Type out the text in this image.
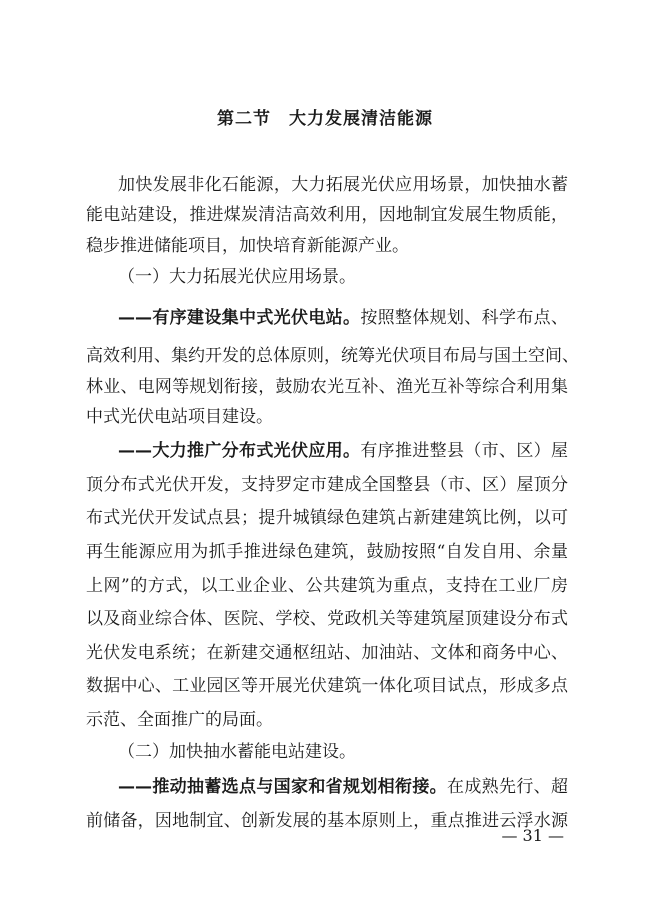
第二节　大力发展清洁能源
加快发展非化石能源，大力拓展光伏应用场景，加快抽水蓄
能电站建设，推进煤炭清洁高效利用，因地制宜发展生物质能，
稳步推进储能项目，加快培育新能源产业。
（一）大力拓展光伏应用场景。
——有序建设集中式光伏电站。按照整体规划、科学布点、
高效利用、集约开发的总体原则，统筹光伏项目布局与国土空间、
林业、电网等规划衔接，鼓励农光互补、渔光互补等综合利用集
中式光伏电站项目建设。
——大力推广分布式光伏应用。有序推进整县（市、区）屋
顶分布式光伏开发，支持罗定市建成全国整县（市、区）屋顶分
布式光伏开发试点县；提升城镇绿色建筑占新建建筑比例，以可
再生能源应用为抓手推进绿色建筑，鼓励按照“自发自用、余量
上网”的方式，以工业企业、公共建筑为重点，支持在工业厂房
以及商业综合体、医院、学校、党政机关等建筑屋顶建设分布式
光伏发电系统；在新建交通枢纽站、加油站、文体和商务中心、
数据中心、工业园区等开展光伏建筑一体化项目试点，形成多点
示范、全面推广的局面。
（二）加快抽水蓄能电站建设。
——推动抽蓄选点与国家和省规划相衔接。在成熟先行、超
前储备，因地制宜、创新发展的基本原则上，重点推进云浮水源
— 31 —
